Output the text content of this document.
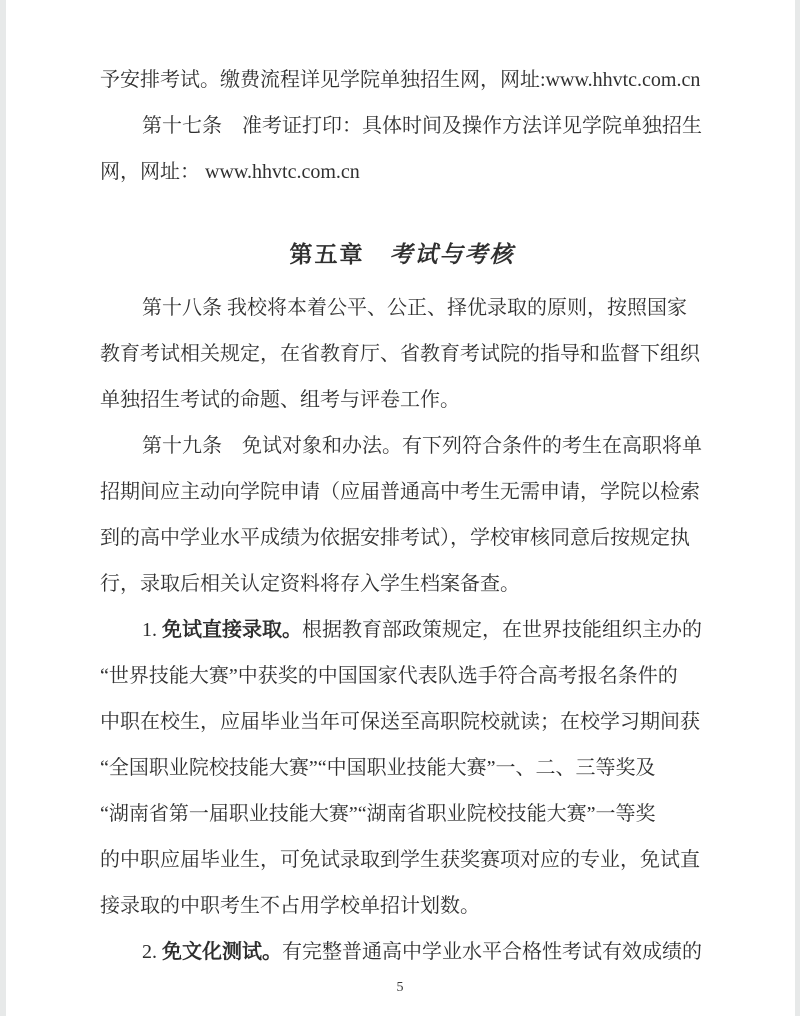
予安排考试。缴费流程详见学院单独招生网，网址:www.hhvtc.com.cn
第十七条　准考证打印：具体时间及操作方法详见学院单独招生
网，网址： www.hhvtc.com.cn
第五章　考试与考核
第十八条 我校将本着公平、公正、择优录取的原则，按照国家
教育考试相关规定，在省教育厅、省教育考试院的指导和监督下组织
单独招生考试的命题、组考与评卷工作。
第十九条　免试对象和办法。有下列符合条件的考生在高职将单
招期间应主动向学院申请（应届普通高中考生无需申请，学院以检索
到的高中学业水平成绩为依据安排考试），学校审核同意后按规定执
行，录取后相关认定资料将存入学生档案备查。
1. 免试直接录取。根据教育部政策规定，在世界技能组织主办的
“世界技能大赛”中获奖的中国国家代表队选手符合高考报名条件的
中职在校生，应届毕业当年可保送至高职院校就读；在校学习期间获
“全国职业院校技能大赛”“中国职业技能大赛”一、二、三等奖及
“湖南省第一届职业技能大赛”“湖南省职业院校技能大赛”一等奖
的中职应届毕业生，可免试录取到学生获奖赛项对应的专业，免试直
接录取的中职考生不占用学校单招计划数。
2. 免文化测试。有完整普通高中学业水平合格性考试有效成绩的
5
